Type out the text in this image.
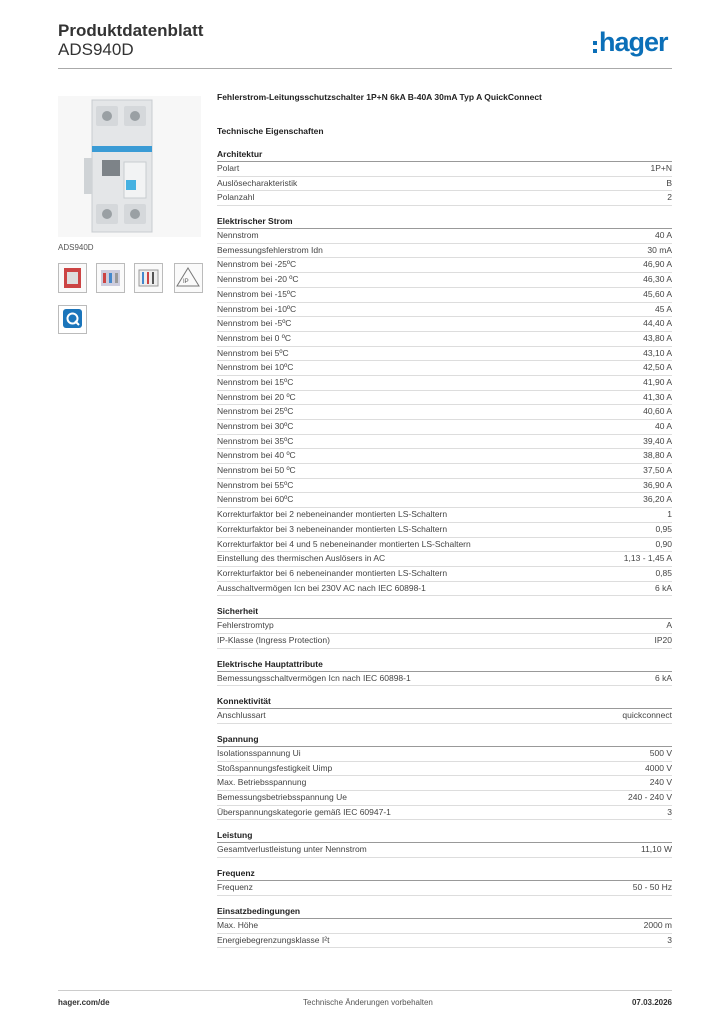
Produktdatenblatt
ADS940D	hager
ADS940D
IP
Fehlerstrom-Leitungsschutzschalter 1P+N 6kA B-40A 30mA Typ A QuickConnect
Technische Eigenschaften
Architektur
Polart	1P+N
Auslösecharakteristik	B
Polanzahl	2
Elektrischer Strom
Nennstrom	40 A
Bemessungsfehlerstrom Idn	30 mA
Nennstrom bei -25ºC	46,90 A
Nennstrom bei -20 ºC	46,30 A
Nennstrom bei -15ºC	45,60 A
Nennstrom bei -10ºC	45 A
Nennstrom bei -5ºC	44,40 A
Nennstrom bei 0 ºC	43,80 A
Nennstrom bei 5ºC	43,10 A
Nennstrom bei 10ºC	42,50 A
Nennstrom bei 15ºC	41,90 A
Nennstrom bei 20 ºC	41,30 A
Nennstrom bei 25ºC	40,60 A
Nennstrom bei 30ºC	40 A
Nennstrom bei 35ºC	39,40 A
Nennstrom bei 40 ºC	38,80 A
Nennstrom bei 50 ºC	37,50 A
Nennstrom bei 55ºC	36,90 A
Nennstrom bei 60ºC	36,20 A
Korrekturfaktor bei 2 nebeneinander montierten LS-Schaltern	1
Korrekturfaktor bei 3 nebeneinander montierten LS-Schaltern	0,95
Korrekturfaktor bei 4 und 5 nebeneinander montierten LS-Schaltern	0,90
Einstellung des thermischen Auslösers in AC	1,13 - 1,45 A
Korrekturfaktor bei 6 nebeneinander montierten LS-Schaltern	0,85
Ausschaltvermögen Icn bei 230V AC nach IEC 60898-1	6 kA
Sicherheit
Fehlerstromtyp	A
IP-Klasse (Ingress Protection)	IP20
Elektrische Hauptattribute
Bemessungsschaltvermögen Icn nach IEC 60898-1	6 kA
Konnektivität
Anschlussart	quickconnect
Spannung
Isolationsspannung Ui	500 V
Stoßspannungsfestigkeit Uimp	4000 V
Max. Betriebsspannung	240 V
Bemessungsbetriebsspannung Ue	240 - 240 V
Überspannungskategorie gemäß IEC 60947-1	3
Leistung
Gesamtverlustleistung unter Nennstrom	11,10 W
Frequenz
Frequenz	50 - 50 Hz
Einsatzbedingungen
Max. Höhe	2000 m
Energiebegrenzungsklasse I²t	3
hager.com/de	Technische Änderungen vorbehalten	07.03.2026
